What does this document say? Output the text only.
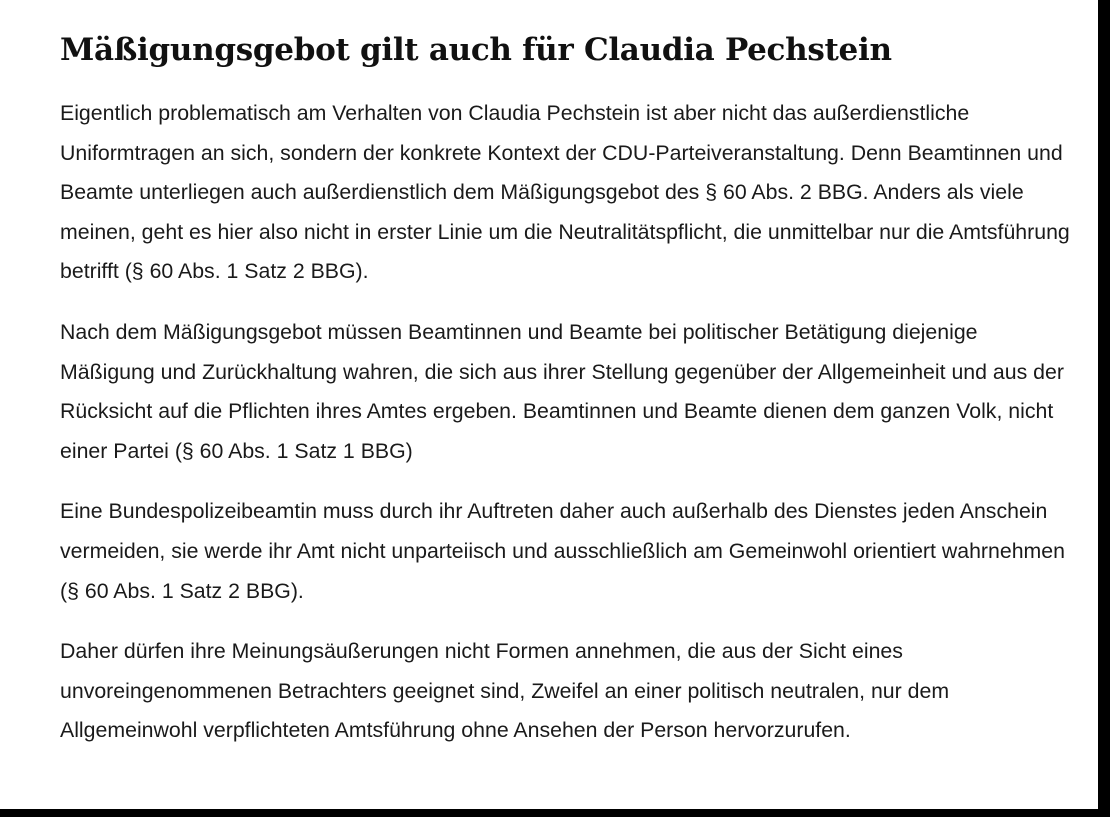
Mäßigungsgebot gilt auch für Claudia Pechstein

Eigentlich problematisch am Verhalten von Claudia Pechstein ist aber nicht das außerdienstliche Uniformtragen an sich, sondern der konkrete Kontext der CDU-Parteiveranstaltung. Denn Beamtinnen und Beamte unterliegen auch außerdienstlich dem Mäßigungsgebot des § 60 Abs. 2 BBG. Anders als viele meinen, geht es hier also nicht in erster Linie um die Neutralitätspflicht, die unmittelbar nur die Amtsführung betrifft (§ 60 Abs. 1 Satz 2 BBG).

Nach dem Mäßigungsgebot müssen Beamtinnen und Beamte bei politischer Betätigung diejenige Mäßigung und Zurückhaltung wahren, die sich aus ihrer Stellung gegenüber der Allgemeinheit und aus der Rücksicht auf die Pflichten ihres Amtes ergeben. Beamtinnen und Beamte dienen dem ganzen Volk, nicht einer Partei (§ 60 Abs. 1 Satz 1 BBG)

Eine Bundespolizeibeamtin muss durch ihr Auftreten daher auch außerhalb des Dienstes jeden Anschein vermeiden, sie werde ihr Amt nicht unparteiisch und ausschließlich am Gemeinwohl orientiert wahrnehmen (§ 60 Abs. 1 Satz 2 BBG).

Daher dürfen ihre Meinungsäußerungen nicht Formen annehmen, die aus der Sicht eines unvoreingenommenen Betrachters geeignet sind, Zweifel an einer politisch neutralen, nur dem Allgemeinwohl verpflichteten Amtsführung ohne Ansehen der Person hervorzurufen.
